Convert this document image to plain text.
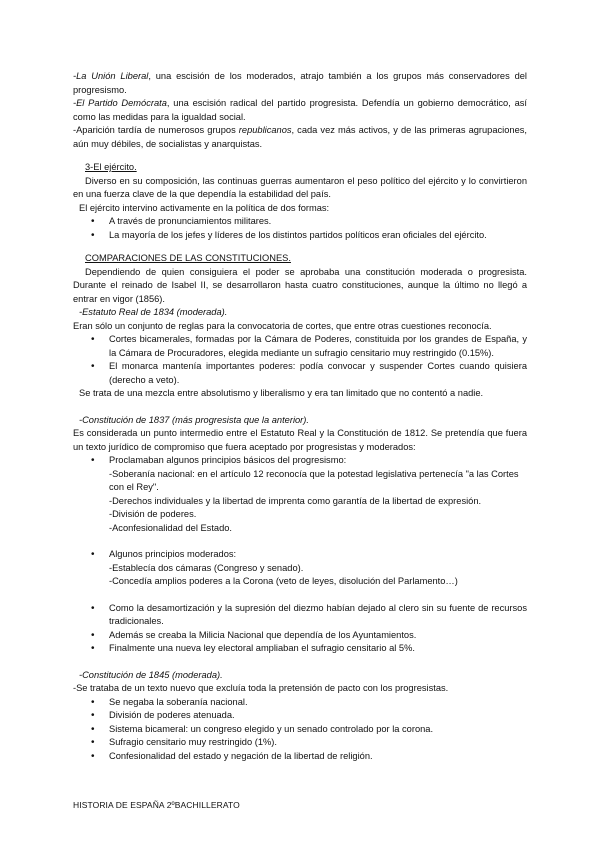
-La Unión Liberal, una escisión de los moderados, atrajo también a los grupos más conservadores del progresismo.

-El Partido Demócrata, una escisión radical del partido progresista. Defendía un gobierno democrático, así como las medidas para la igualdad social.

-Aparición tardía de numerosos grupos republicanos, cada vez más activos, y de las primeras agrupaciones, aún muy débiles, de socialistas y anarquistas.

3-El ejército.

Diverso en su composición, las continuas guerras aumentaron el peso político del ejército y lo convirtieron en una fuerza clave de la que dependía la estabilidad del país.

El ejército intervino activamente en la política de dos formas:

• A través de pronunciamientos militares.
• La mayoría de los jefes y líderes de los distintos partidos políticos eran oficiales del ejército.

COMPARACIONES DE LAS CONSTITUCIONES.

Dependiendo de quien consiguiera el poder se aprobaba una constitución moderada o progresista. Durante el reinado de Isabel II, se desarrollaron hasta cuatro constituciones, aunque la último no llegó a entrar en vigor (1856).

-Estatuto Real de 1834 (moderada).

Eran sólo un conjunto de reglas para la convocatoria de cortes, que entre otras cuestiones reconocía.

• Cortes bicamerales, formadas por la Cámara de Poderes, constituida por los grandes de España, y la Cámara de Procuradores, elegida mediante un sufragio censitario muy restringido (0.15%).
• El monarca mantenía importantes poderes: podía convocar y suspender Cortes cuando quisiera (derecho a veto).

Se trata de una mezcla entre absolutismo y liberalismo y era tan limitado que no contentó a nadie.

-Constitución de 1837 (más progresista que la anterior).

Es considerada un punto intermedio entre el Estatuto Real y la Constitución de 1812. Se pretendía que fuera un texto jurídico de compromiso que fuera aceptado por progresistas y moderados:

• Proclamaban algunos principios básicos del progresismo:
-Soberanía nacional: en el artículo 12 reconocía que la potestad legislativa pertenecía "a las Cortes con el Rey".
-Derechos individuales y la libertad de imprenta como garantía de la libertad de expresión.
-División de poderes.
-Aconfesionalidad del Estado.
• Algunos principios moderados:
-Establecía dos cámaras (Congreso y senado).
-Concedía amplios poderes a la Corona (veto de leyes, disolución del Parlamento…)
• Como la desamortización y la supresión del diezmo habían dejado al clero sin su fuente de recursos tradicionales.
• Además se creaba la Milicia Nacional que dependía de los Ayuntamientos.
• Finalmente una nueva ley electoral ampliaban el sufragio censitario al 5%.

-Constitución de 1845 (moderada).

-Se trataba de un texto nuevo que excluía toda la pretensión de pacto con los progresistas.

• Se negaba la soberanía nacional.
• División de poderes atenuada.
• Sistema bicameral: un congreso elegido y un senado controlado por la corona.
• Sufragio censitario muy restringido (1%).
• Confesionalidad del estado y negación de la libertad de religión.
HISTORIA DE ESPAÑA 2ºBACHILLERATO
